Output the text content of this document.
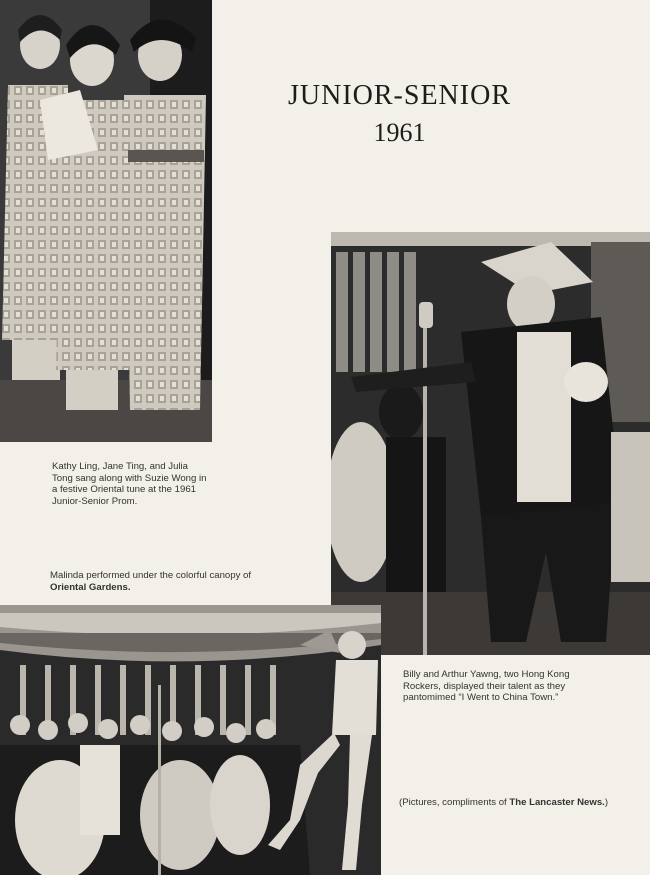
JUNIOR-SENIOR
1961
Kathy Ling, Jane Ting, and Julia Tong sang along with Suzie Wong in a festive Oriental tune at the 1961 Junior-Senior Prom.
Malinda performed under the colorful canopy of Oriental Gardens.
Billy and Arthur Yawng, two Hong Kong Rockers, displayed their talent as they pantomimed “I Went to China Town.”
(Pictures, compliments of The Lancaster News.)
